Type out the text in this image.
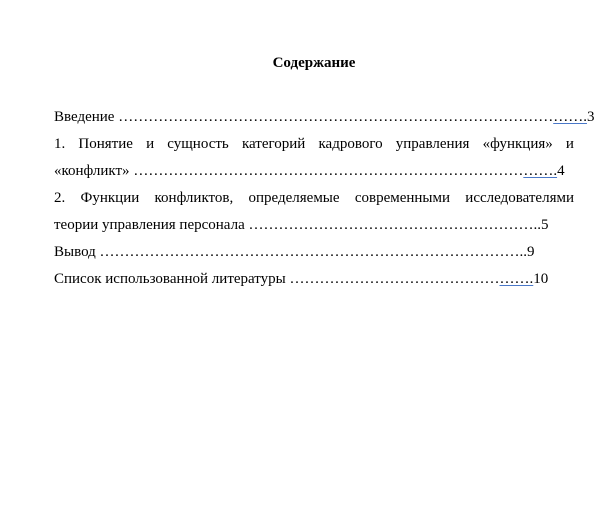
Содержание
Введение ………………………………………………………………………………….3
1. Понятие и сущность категорий кадрового управления «функция» и
«конфликт» ………………………………………………………………………….4
2. Функции конфликтов, определяемые современными исследователями
теории управления персонала …………………………………………………..5
Вывод …………………………………………………………………………..9
Список использованной литературы ………………………………………….10
